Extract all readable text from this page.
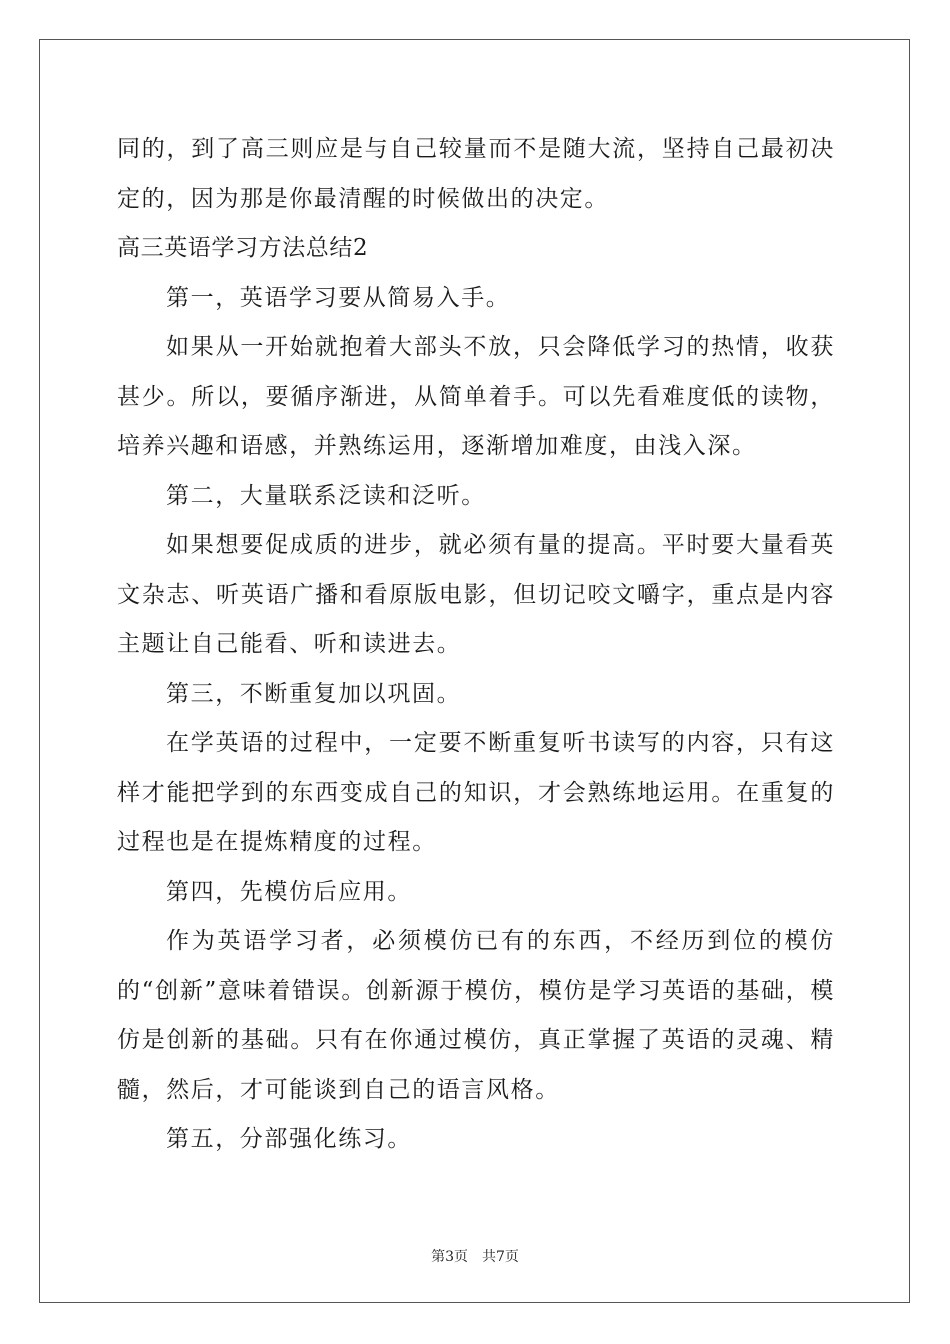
同的，到了高三则应是与自己较量而不是随大流，坚持自己最初决定的，因为那是你最清醒的时候做出的决定。

高三英语学习方法总结2

第一，英语学习要从简易入手。

如果从一开始就抱着大部头不放，只会降低学习的热情，收获甚少。所以，要循序渐进，从简单着手。可以先看难度低的读物，培养兴趣和语感，并熟练运用，逐渐增加难度，由浅入深。

第二，大量联系泛读和泛听。

如果想要促成质的进步，就必须有量的提高。平时要大量看英文杂志、听英语广播和看原版电影，但切记咬文嚼字，重点是内容主题让自己能看、听和读进去。

第三，不断重复加以巩固。

在学英语的过程中，一定要不断重复听书读写的内容，只有这样才能把学到的东西变成自己的知识，才会熟练地运用。在重复的过程也是在提炼精度的过程。

第四，先模仿后应用。

作为英语学习者，必须模仿已有的东西，不经历到位的模仿的“创新”意味着错误。创新源于模仿，模仿是学习英语的基础，模仿是创新的基础。只有在你通过模仿，真正掌握了英语的灵魂、精髓，然后，才可能谈到自己的语言风格。

第五，分部强化练习。

第3页 共7页
